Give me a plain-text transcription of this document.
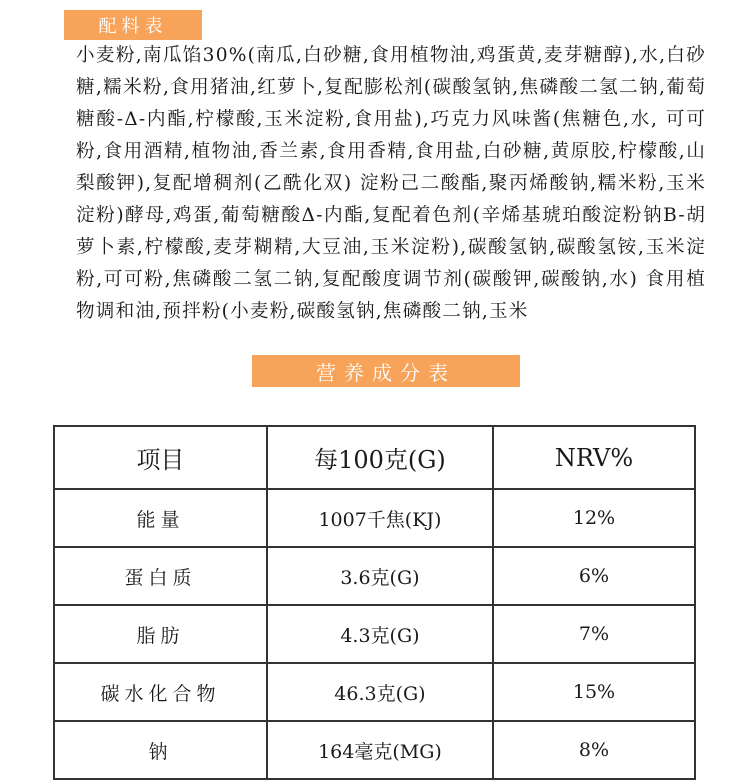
配料表

小麦粉,南瓜馅30%(南瓜,白砂糖,食用植物油,鸡蛋黄,麦芽糖醇),水,白砂糖,糯米粉,食用猪油,红萝卜,复配膨松剂(碳酸氢钠,焦磷酸二氢二钠,葡萄糖酸-Δ-内酯,柠檬酸,玉米淀粉,食用盐),巧克力风味酱(焦糖色,水, 可可粉,食用酒精,植物油,香兰素,食用香精,食用盐,白砂糖,黄原胶,柠檬酸,山梨酸钾),复配增稠剂(乙酰化双) 淀粉己二酸酯,聚丙烯酸钠,糯米粉,玉米淀粉)酵母,鸡蛋,葡萄糖酸Δ-内酯,复配着色剂(辛烯基琥珀酸淀粉钠B-胡萝卜素,柠檬酸,麦芽糊精,大豆油,玉米淀粉),碳酸氢钠,碳酸氢铵,玉米淀粉,可可粉,焦磷酸二氢二钠,复配酸度调节剂(碳酸钾,碳酸钠,水) 食用植物调和油,预拌粉(小麦粉,碳酸氢钠,焦磷酸二钠,玉米

营养成分表
项目	每100克(G)	NRV%
能量	1007千焦(KJ)	12%
蛋白质	3.6克(G)	6%
脂肪	4.3克(G)	7%
碳水化合物	46.3克(G)	15%
钠	164毫克(MG)	8%
